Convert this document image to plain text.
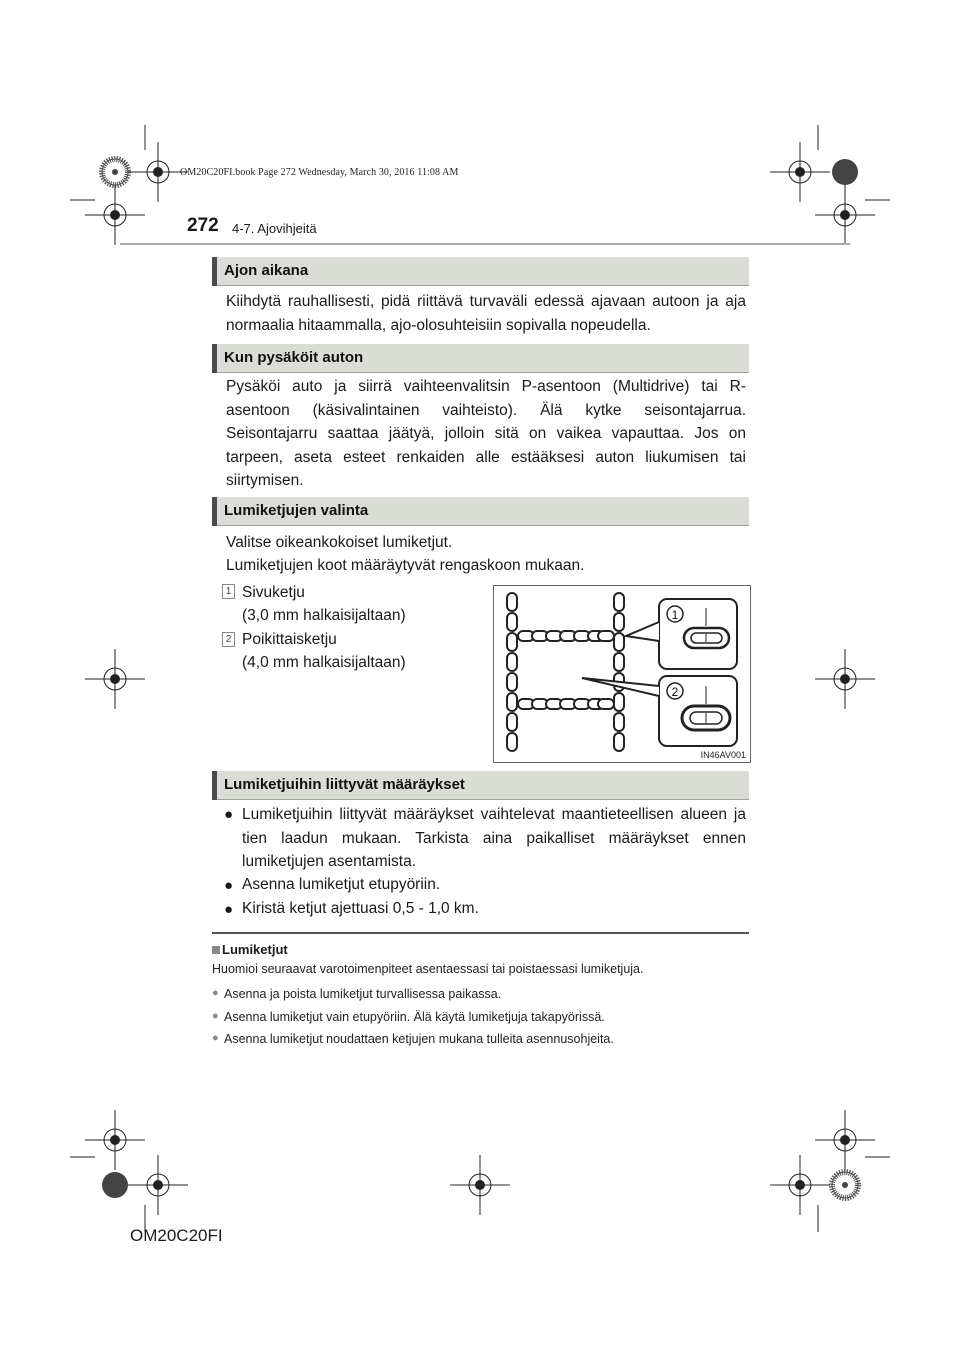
OM20C20FI.book Page 272 Wednesday, March 30, 2016 11:08 AM
272 4-7. Ajovihjeitä
Ajon aikana
Kiihdytä rauhallisesti, pidä riittävä turvaväli edessä ajavaan autoon ja aja normaalia hitaammalla, ajo-olosuhteisiin sopivalla nopeudella.
Kun pysäköit auton
Pysäköi auto ja siirrä vaihteenvalitsin P-asentoon (Multidrive) tai R-asentoon (käsivalintainen vaihteisto). Älä kytke seisontajarrua. Seisontajarru saattaa jäätyä, jolloin sitä on vaikea vapauttaa. Jos on tarpeen, aseta esteet renkaiden alle estääksesi auton liukumisen tai siirtymisen.
Lumiketjujen valinta
Valitse oikeankokoiset lumiketjut.
Lumiketjujen koot määräytyvät rengaskoon mukaan.
1 Sivuketju
(3,0 mm halkaisijaltaan)
2 Poikittaisketju
(4,0 mm halkaisijaltaan)
1
2
IN46AV001
Lumiketjuihin liittyvät määräykset
● Lumiketjuihin liittyvät määräykset vaihtelevat maantieteellisen alueen ja tien laadun mukaan. Tarkista aina paikalliset määräykset ennen lumiketjujen asentamista.
● Asenna lumiketjut etupyöriin.
● Kiristä ketjut ajettuasi 0,5 - 1,0 km.
Lumiketjut
Huomioi seuraavat varotoimenpiteet asentaessasi tai poistaessasi lumiketjuja.
● Asenna ja poista lumiketjut turvallisessa paikassa.
● Asenna lumiketjut vain etupyöriin. Älä käytä lumiketjuja takapyörissä.
● Asenna lumiketjut noudattaen ketjujen mukana tulleita asennusohjeita.
OM20C20FI
